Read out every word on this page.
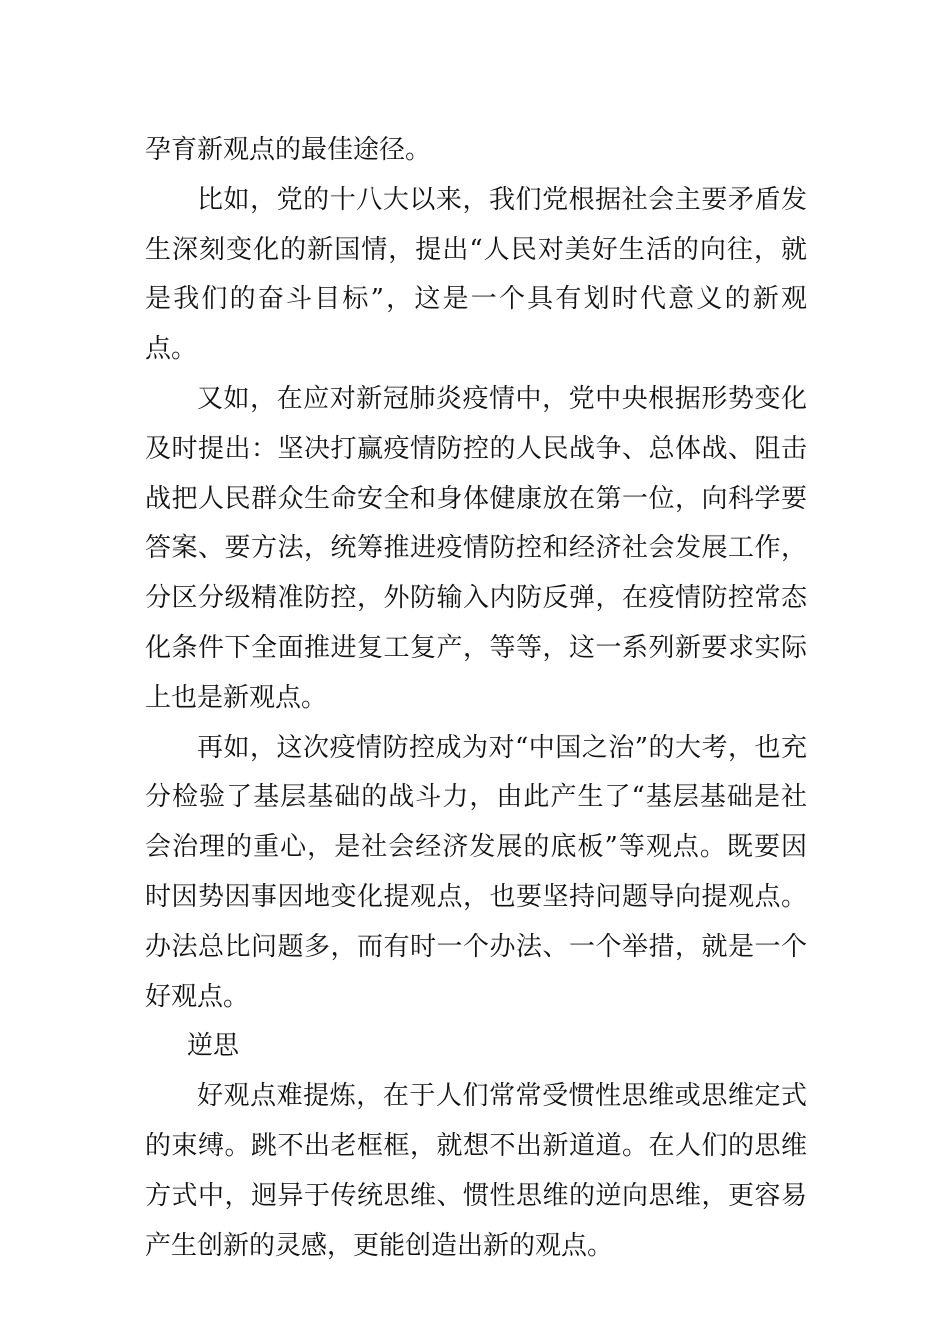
孕育新观点的最佳途径。

比如，党的十八大以来，我们党根据社会主要矛盾发生深刻变化的新国情，提出“人民对美好生活的向往，就是我们的奋斗目标”，这是一个具有划时代意义的新观点。

又如，在应对新冠肺炎疫情中，党中央根据形势变化及时提出：坚决打赢疫情防控的人民战争、总体战、阻击战把人民群众生命安全和身体健康放在第一位，向科学要答案、要方法，统筹推进疫情防控和经济社会发展工作，分区分级精准防控，外防输入内防反弹，在疫情防控常态化条件下全面推进复工复产，等等，这一系列新要求实际上也是新观点。

再如，这次疫情防控成为对“中国之治”的大考，也充分检验了基层基础的战斗力，由此产生了“基层基础是社会治理的重心，是社会经济发展的底板”等观点。既要因时因势因事因地变化提观点，也要坚持问题导向提观点。办法总比问题多，而有时一个办法、一个举措，就是一个好观点。

逆思

好观点难提炼，在于人们常常受惯性思维或思维定式的束缚。跳不出老框框，就想不出新道道。在人们的思维方式中，迥异于传统思维、惯性思维的逆向思维，更容易产生创新的灵感，更能创造出新的观点。
